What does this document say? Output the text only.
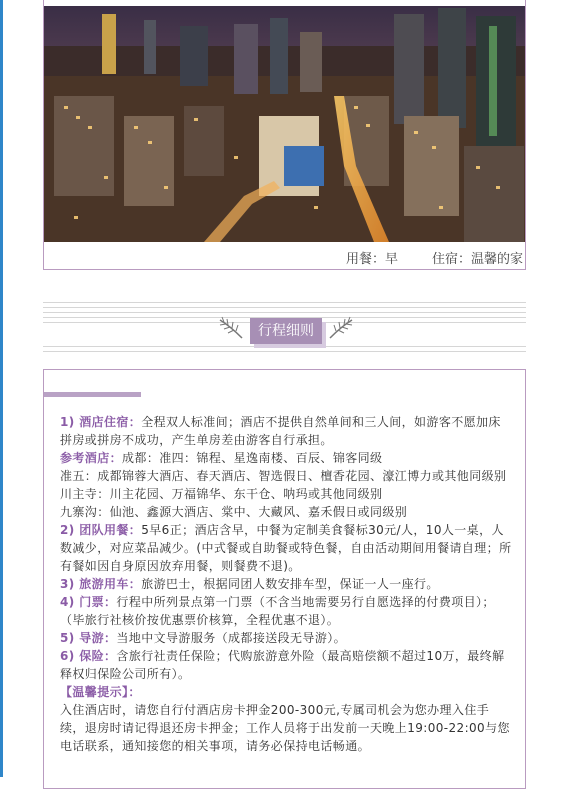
用餐：早	住宿：温馨的家
行程细则

1) 酒店住宿：全程双人标准间；酒店不提供自然单间和三人间，如游客不愿加床拼房或拼房不成功，产生单房差由游客自行承担。

参考酒店：成都：准四：锦程、星逸南楼、百辰、锦客同级

准五：成都锦蓉大酒店、春天酒店、智选假日、檀香花园、濠江博力或其他同级别

川主寺：川主花园、万福锦华、东干仓、呐玛或其他同级别

九寨沟：仙池、鑫源大酒店、棠中、大藏风、嘉禾假日或同级别

2) 团队用餐：5早6正；酒店含早，中餐为定制美食餐标30元/人，10人一桌，人数减少，对应菜品减少。(中式餐或自助餐或特色餐，自由活动期间用餐请自理；所有餐如因自身原因放弃用餐，则餐费不退)。

3) 旅游用车：旅游巴士，根据同团人数安排车型，保证一人一座行。

4) 门票：行程中所列景点第一门票（不含当地需要另行自愿选择的付费项目）；（毕旅行社核价按优惠票价核算，全程优惠不退）。

5) 导游：当地中文导游服务（成都接送段无导游）。

6) 保险：含旅行社责任保险；代购旅游意外险（最高赔偿额不超过10万，最终解释权归保险公司所有）。

【温馨提示】：

入住酒店时，请您自行付酒店房卡押金200-300元,专属司机会为您办理入住手续，退房时请记得退还房卡押金；工作人员将于出发前一天晚上19:00-22:00与您电话联系，通知接您的相关事项，请务必保持电话畅通。
